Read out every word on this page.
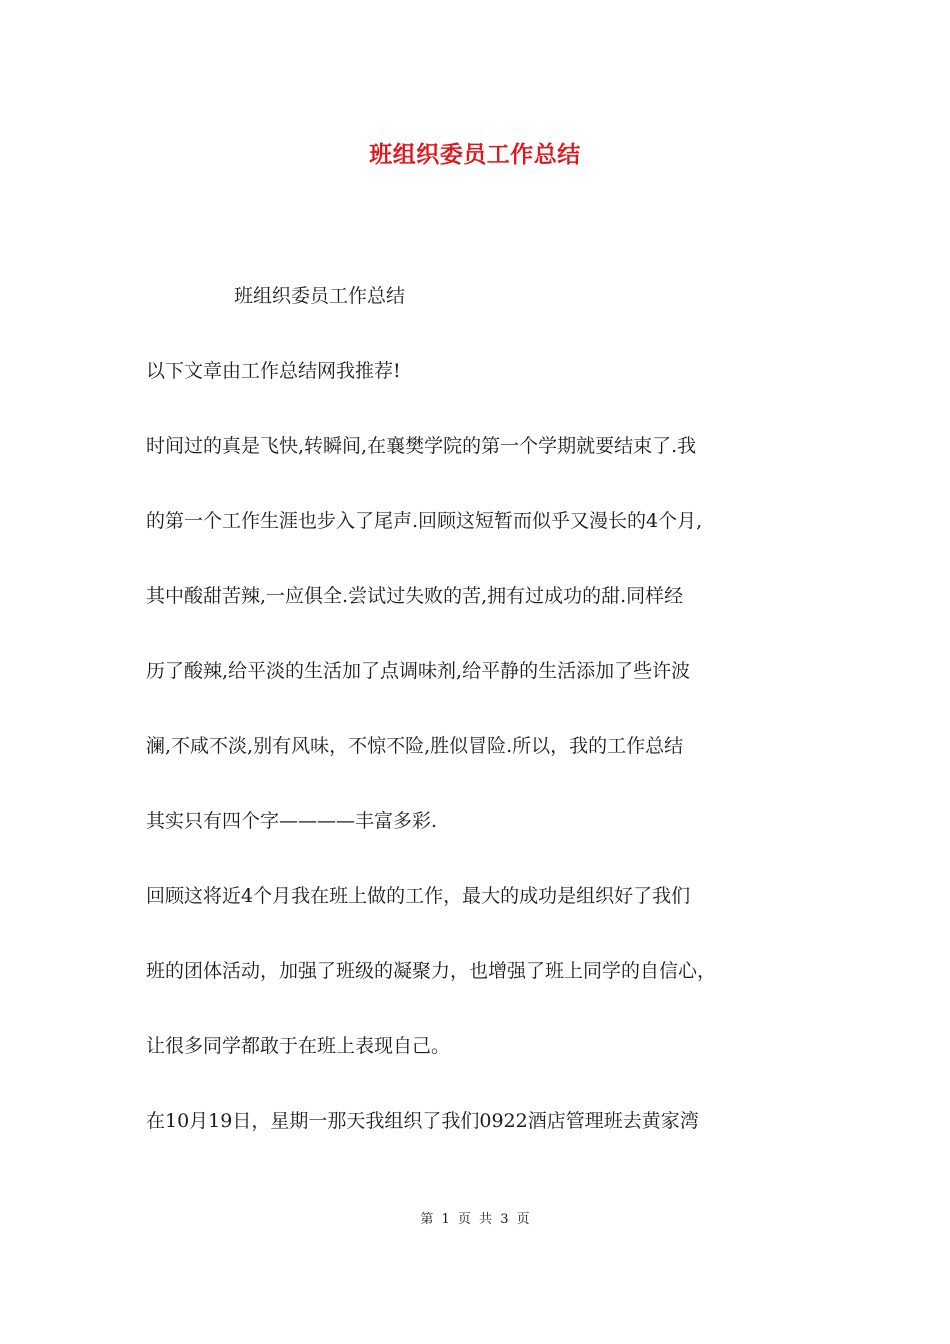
班组织委员工作总结
班组织委员工作总结
以下文章由工作总结网我推荐!
时间过的真是飞快,转瞬间,在襄樊学院的第一个学期就要结束了.我
的第一个工作生涯也步入了尾声.回顾这短暂而似乎又漫长的4个月,
其中酸甜苦辣,一应俱全.尝试过失败的苦,拥有过成功的甜.同样经
历了酸辣,给平淡的生活加了点调味剂,给平静的生活添加了些许波
澜,不咸不淡,别有风味，不惊不险,胜似冒险.所以，我的工作总结
其实只有四个字————丰富多彩.
回顾这将近4个月我在班上做的工作，最大的成功是组织好了我们
班的团体活动，加强了班级的凝聚力，也增强了班上同学的自信心，
让很多同学都敢于在班上表现自己。
在10月19日，星期一那天我组织了我们0922酒店管理班去黄家湾
第 1 页 共 3 页
